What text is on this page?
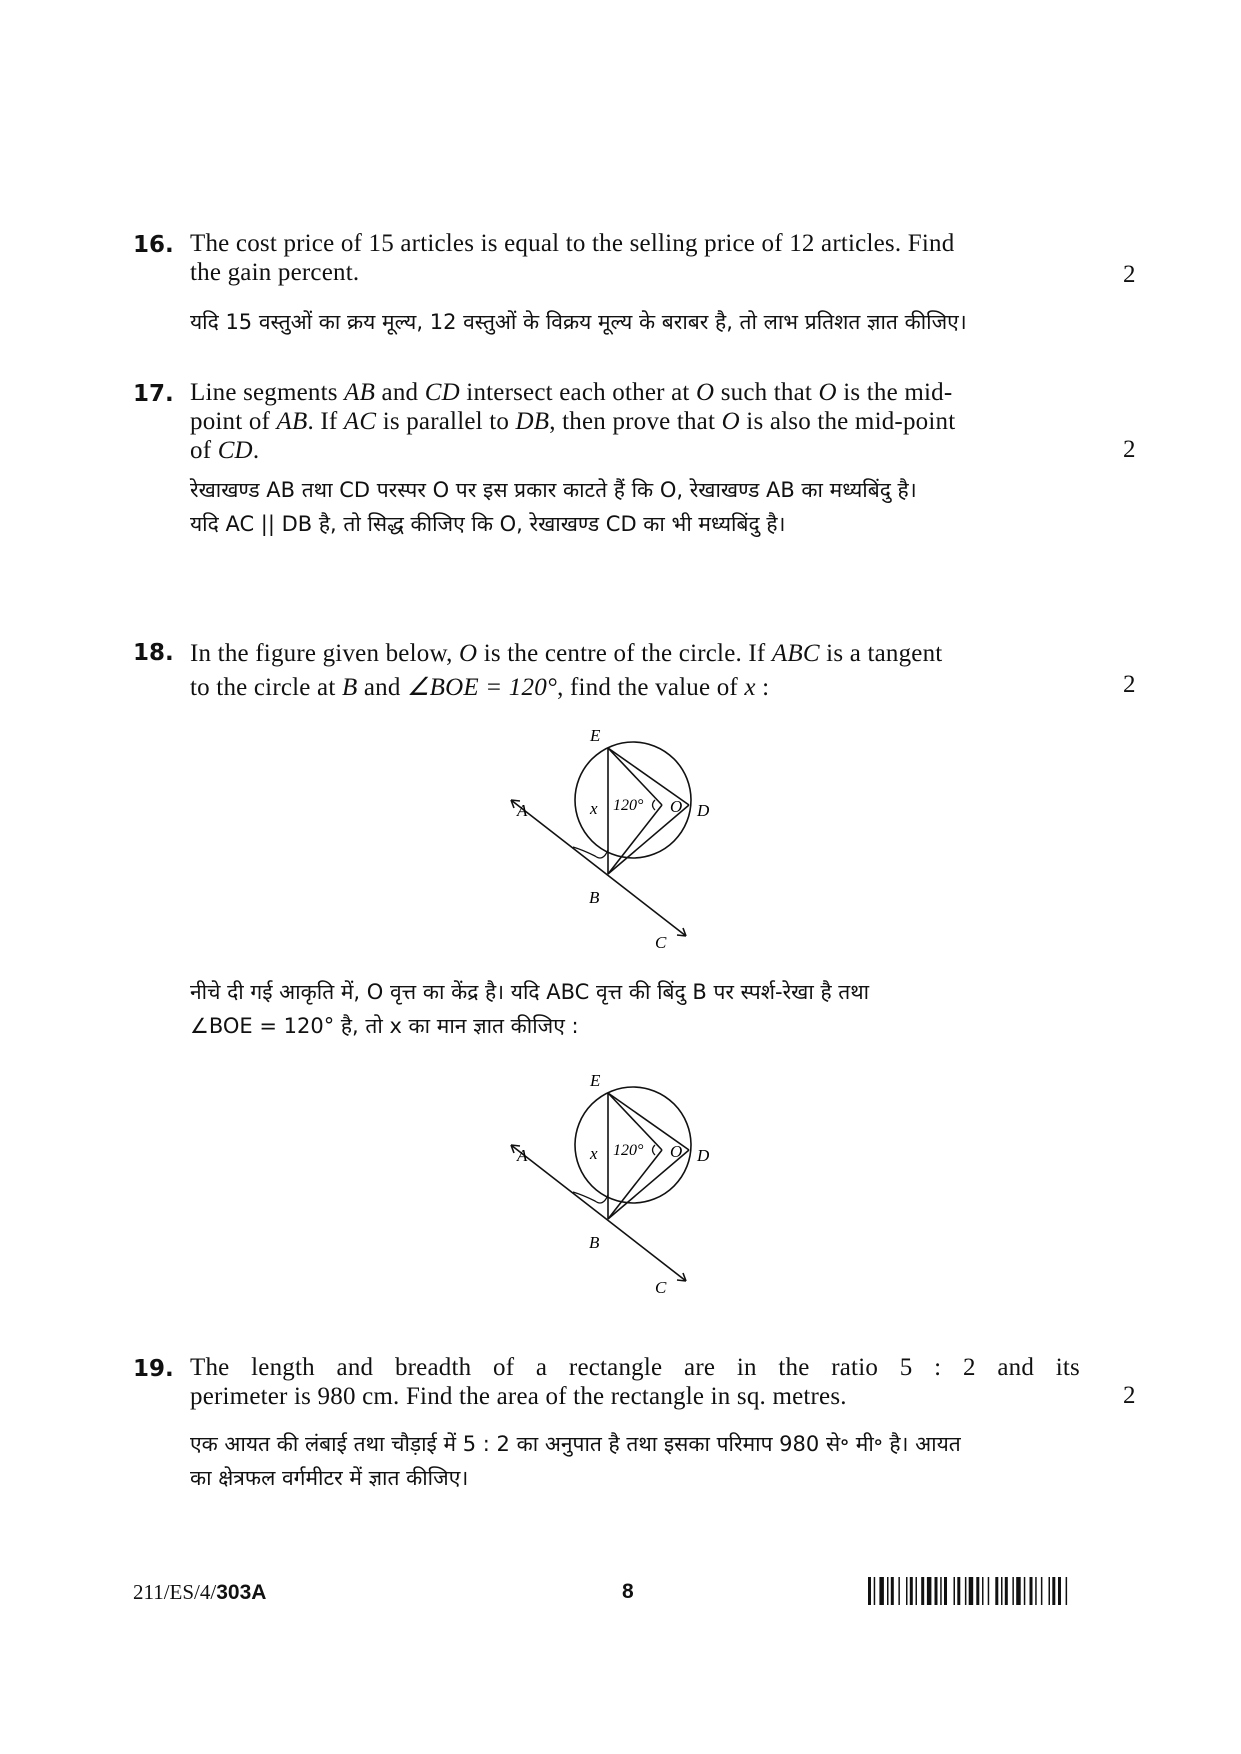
16. The cost price of 15 articles is equal to the selling price of 12 articles. Find
the gain percent.	2
यदि 15 वस्तुओं का क्रय मूल्य, 12 वस्तुओं के विक्रय मूल्य के बराबर है, तो लाभ प्रतिशत ज्ञात कीजिए।
17. Line segments AB and CD intersect each other at O such that O is the mid-
point of AB. If AC is parallel to DB, then prove that O is also the mid-point
of CD.	2
रेखाखण्ड AB तथा CD परस्पर O पर इस प्रकार काटते हैं कि O, रेखाखण्ड AB का मध्यबिंदु है।
यदि AC || DB है, तो सिद्ध कीजिए कि O, रेखाखण्ड CD का भी मध्यबिंदु है।
18. In the figure given below, O is the centre of the circle. If ABC is a tangent
to the circle at B and ∠BOE = 120°, find the value of x :	2
E
A
B
C
D
O
x 120°
नीचे दी गई आकृति में, O वृत्त का केंद्र है। यदि ABC वृत्त की बिंदु B पर स्पर्श-रेखा है तथा
∠BOE = 120° है, तो x का मान ज्ञात कीजिए :
E
A
B
C
D
O
x 120°
19. The length and breadth of a rectangle are in the ratio 5 : 2 and its
perimeter is 980 cm. Find the area of the rectangle in sq. metres.	2
एक आयत की लंबाई तथा चौड़ाई में 5 : 2 का अनुपात है तथा इसका परिमाप 980 से॰ मी॰ है। आयत
का क्षेत्रफल वर्गमीटर में ज्ञात कीजिए।
211/ES/4/303A	8
